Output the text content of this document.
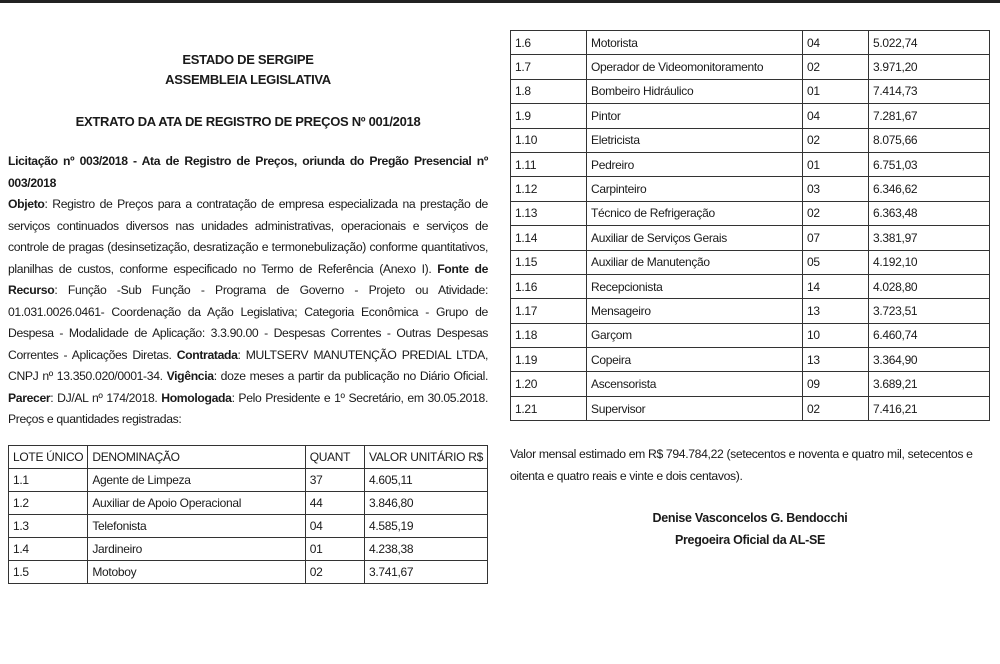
ESTADO DE SERGIPE
ASSEMBLEIA LEGISLATIVA
EXTRATO DA ATA DE REGISTRO DE PREÇOS Nº 001/2018
Licitação nº 003/2018 - Ata de Registro de Preços, oriunda do Pregão Presencial nº 003/2018
Objeto: Registro de Preços para a contratação de empresa especializada na prestação de serviços continuados diversos nas unidades administrativas, operacionais e serviços de controle de pragas (desinsetização, desratização e termonebulização) conforme quantitativos, planilhas de custos, conforme especificado no Termo de Referência (Anexo I). Fonte de Recurso: Função -Sub Função - Programa de Governo - Projeto ou Atividade: 01.031.0026.0461- Coordenação da Ação Legislativa; Categoria Econômica - Grupo de Despesa - Modalidade de Aplicação: 3.3.90.00 - Despesas Correntes - Outras Despesas Correntes - Aplicações Diretas. Contratada: MULTSERV MANUTENÇÃO PREDIAL LTDA, CNPJ nº 13.350.020/0001-34. Vigência: doze meses a partir da publicação no Diário Oficial. Parecer: DJ/AL nº 174/2018. Homologada: Pelo Presidente e 1º Secretário, em 30.05.2018. Preços e quantidades registradas:
LOTE ÚNICO	DENOMINAÇÃO	QUANT	VALOR UNITÁRIO R$
1.1	Agente de Limpeza	37	4.605,11
1.2	Auxiliar de Apoio Operacional	44	3.846,80
1.3	Telefonista	04	4.585,19
1.4	Jardineiro	01	4.238,38
1.5	Motoboy	02	3.741,67
1.6	Motorista	04	5.022,74
1.7	Operador de Videomonitoramento	02	3.971,20
1.8	Bombeiro Hidráulico	01	7.414,73
1.9	Pintor	04	7.281,67
1.10	Eletricista	02	8.075,66
1.11	Pedreiro	01	6.751,03
1.12	Carpinteiro	03	6.346,62
1.13	Técnico de Refrigeração	02	6.363,48
1.14	Auxiliar de Serviços Gerais	07	3.381,97
1.15	Auxiliar de Manutenção	05	4.192,10
1.16	Recepcionista	14	4.028,80
1.17	Mensageiro	13	3.723,51
1.18	Garçom	10	6.460,74
1.19	Copeira	13	3.364,90
1.20	Ascensorista	09	3.689,21
1.21	Supervisor	02	7.416,21
Valor mensal estimado em R$ 794.784,22 (setecentos e noventa e quatro mil, setecentos e oitenta e quatro reais e vinte e dois centavos).
Denise Vasconcelos G. Bendocchi
Pregoeira Oficial da AL-SE
